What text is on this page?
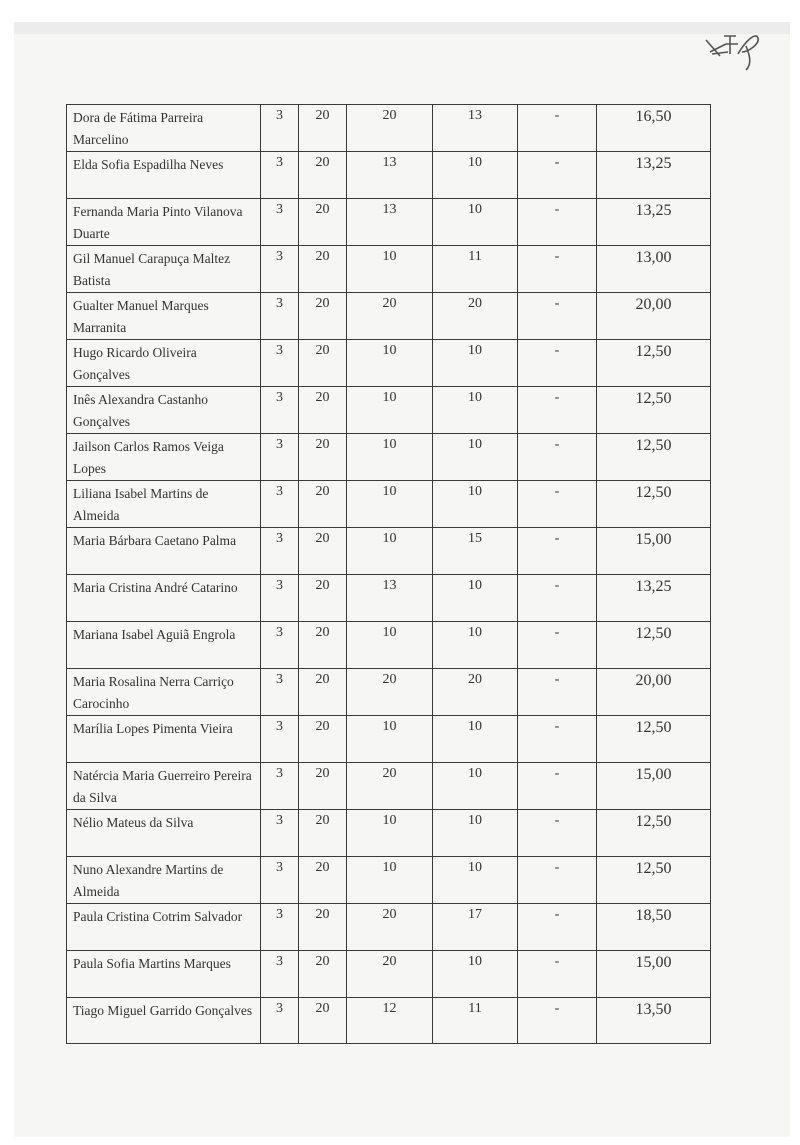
Dora de Fátima Parreira Marcelino	3	20	20	13	-	16,50
Elda Sofia Espadilha Neves	3	20	13	10	-	13,25
Fernanda Maria Pinto Vilanova Duarte	3	20	13	10	-	13,25
Gil Manuel Carapuça Maltez Batista	3	20	10	11	-	13,00
Gualter Manuel Marques Marranita	3	20	20	20	-	20,00
Hugo Ricardo Oliveira Gonçalves	3	20	10	10	-	12,50
Inês Alexandra Castanho Gonçalves	3	20	10	10	-	12,50
Jailson Carlos Ramos Veiga Lopes	3	20	10	10	-	12,50
Liliana Isabel Martins de Almeida	3	20	10	10	-	12,50
Maria Bárbara Caetano Palma	3	20	10	15	-	15,00
Maria Cristina André Catarino	3	20	13	10	-	13,25
Mariana Isabel Aguiã Engrola	3	20	10	10	-	12,50
Maria Rosalina Nerra Carriço Carocinho	3	20	20	20	-	20,00
Marília Lopes Pimenta Vieira	3	20	10	10	-	12,50
Natércia Maria Guerreiro Pereira da Silva	3	20	20	10	-	15,00
Nélio Mateus da Silva	3	20	10	10	-	12,50
Nuno Alexandre Martins de Almeida	3	20	10	10	-	12,50
Paula Cristina Cotrim Salvador	3	20	20	17	-	18,50
Paula Sofia Martins Marques	3	20	20	10	-	15,00
Tiago Miguel Garrido Gonçalves	3	20	12	11	-	13,50
